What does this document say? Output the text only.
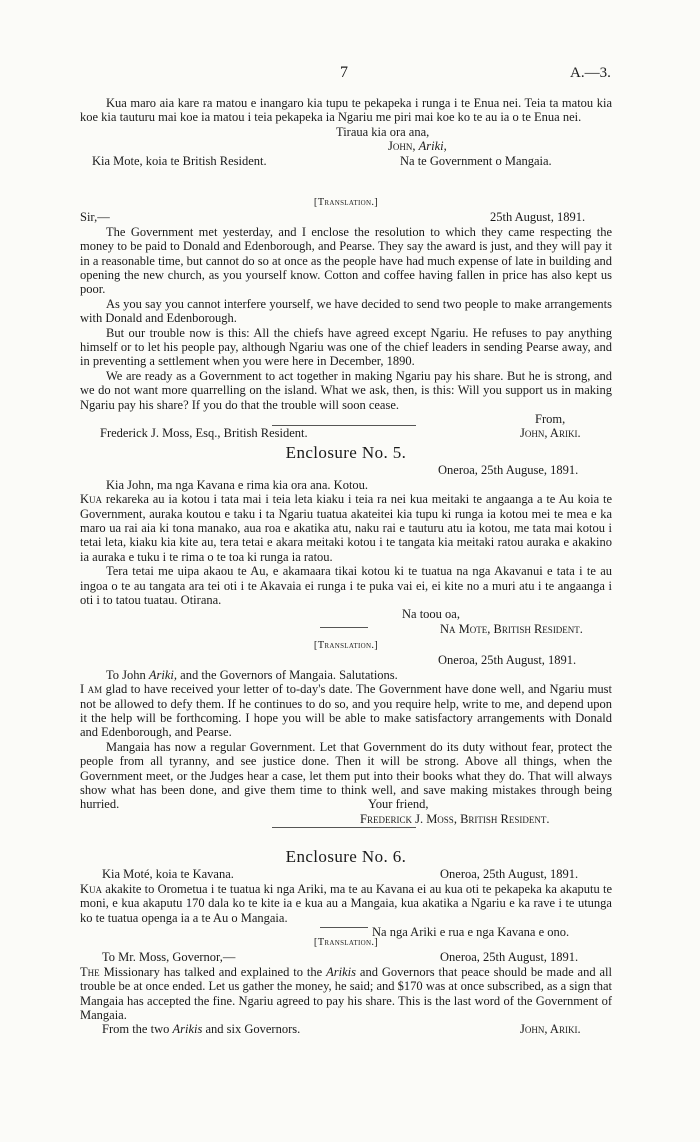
7	A.—3.

Kua maro aia kare ra matou e inangaro kia tupu te pekapeka i runga i te Enua nei. Teia ta matou kia koe kia tauturu mai koe ia matou i teia pekapeka ia Ngariu me piri mai koe ko te au ia o te Enua nei.

Tiraua kia ora ana,
John, Ariki,
Kia Mote, koia te British Resident.	Na te Government o Mangaia.
[Translation.]
Sir,—	25th August, 1891.

The Government met yesterday, and I enclose the resolution to which they came respecting the money to be paid to Donald and Edenborough, and Pearse. They say the award is just, and they will pay it in a reasonable time, but cannot do so at once as the people have had much expense of late in building and opening the new church, as you yourself know. Cotton and coffee having fallen in price has also kept us poor.

As you say you cannot interfere yourself, we have decided to send two people to make arrangements with Donald and Edenborough.

But our trouble now is this: All the chiefs have agreed except Ngariu. He refuses to pay anything himself or to let his people pay, although Ngariu was one of the chief leaders in sending Pearse away, and in preventing a settlement when you were here in December, 1890.

We are ready as a Government to act together in making Ngariu pay his share. But he is strong, and we do not want more quarrelling on the island. What we ask, then, is this: Will you support us in making Ngariu pay his share? If you do that the trouble will soon cease.

From,
Frederick J. Moss, Esq., British Resident.	John, Ariki.
Enclosure No. 5.
Oneroa, 25th Auguse, 1891.

Kia John, ma nga Kavana e rima kia ora ana. Kotou.

Kua rekareka au ia kotou i tata mai i teia leta kiaku i teia ra nei kua meitaki te angaanga a te Au koia te Government, auraka koutou e taku i ta Ngariu tuatua akateitei kia tupu ki runga ia kotou mei te mea e ka maro ua rai aia ki tona manako, aua roa e akatika atu, naku rai e tauturu atu ia kotou, me tata mai kotou i tetai leta, kiaku kia kite au, tera tetai e akara meitaki kotou i te tangata kia meitaki ratou auraka e akakino ia auraka e tuku i te rima o te toa ki runga ia ratou.

Tera tetai me uipa akaou te Au, e akamaara tikai kotou ki te tuatua na nga Akavanui e tata i te au ingoa o te au tangata ara tei oti i te Akavaia ei runga i te puka vai ei, ei kite no a muri atu i te angaanga i oti i to tatou tuatau. Otirana.

Na toou oa,
Na Mote, British Resident.
[Translation.]
Oneroa, 25th August, 1891.

To John Ariki, and the Governors of Mangaia. Salutations.

I am glad to have received your letter of to-day's date. The Government have done well, and Ngariu must not be allowed to defy them. If he continues to do so, and you require help, write to me, and depend upon it the help will be forthcoming. I hope you will be able to make satisfactory arrangements with Donald and Edenborough, and Pearse.

Mangaia has now a regular Government. Let that Government do its duty without fear, protect the people from all tyranny, and see justice done. Then it will be strong. Above all things, when the Government meet, or the Judges hear a case, let them put into their books what they do. That will always show what has been done, and give them time to think well, and save making mistakes through being hurried.	Your friend,
Frederick J. Moss, British Resident.
Enclosure No. 6.
Kia Moté, koia te Kavana.	Oneroa, 25th August, 1891.

Kua akakite to Orometua i te tuatua ki nga Ariki, ma te au Kavana ei au kua oti te pekapeka ka akaputu te moni, e kua akaputu 170 dala ko te kite ia e kua au a Mangaia, kua akatika a Ngariu e ka rave i te utunga ko te tuatua openga ia a te Au o Mangaia.

Na nga Ariki e rua e nga Kavana e ono.
[Translation.]
To Mr. Moss, Governor,—	Oneroa, 25th August, 1891.

The Missionary has talked and explained to the Arikis and Governors that peace should be made and all trouble be at once ended. Let us gather the money, he said; and $170 was at once subscribed, as a sign that Mangaia has accepted the fine. Ngariu agreed to pay his share. This is the last word of the Government of Mangaia.

From the two Arikis and six Governors.	John, Ariki.
